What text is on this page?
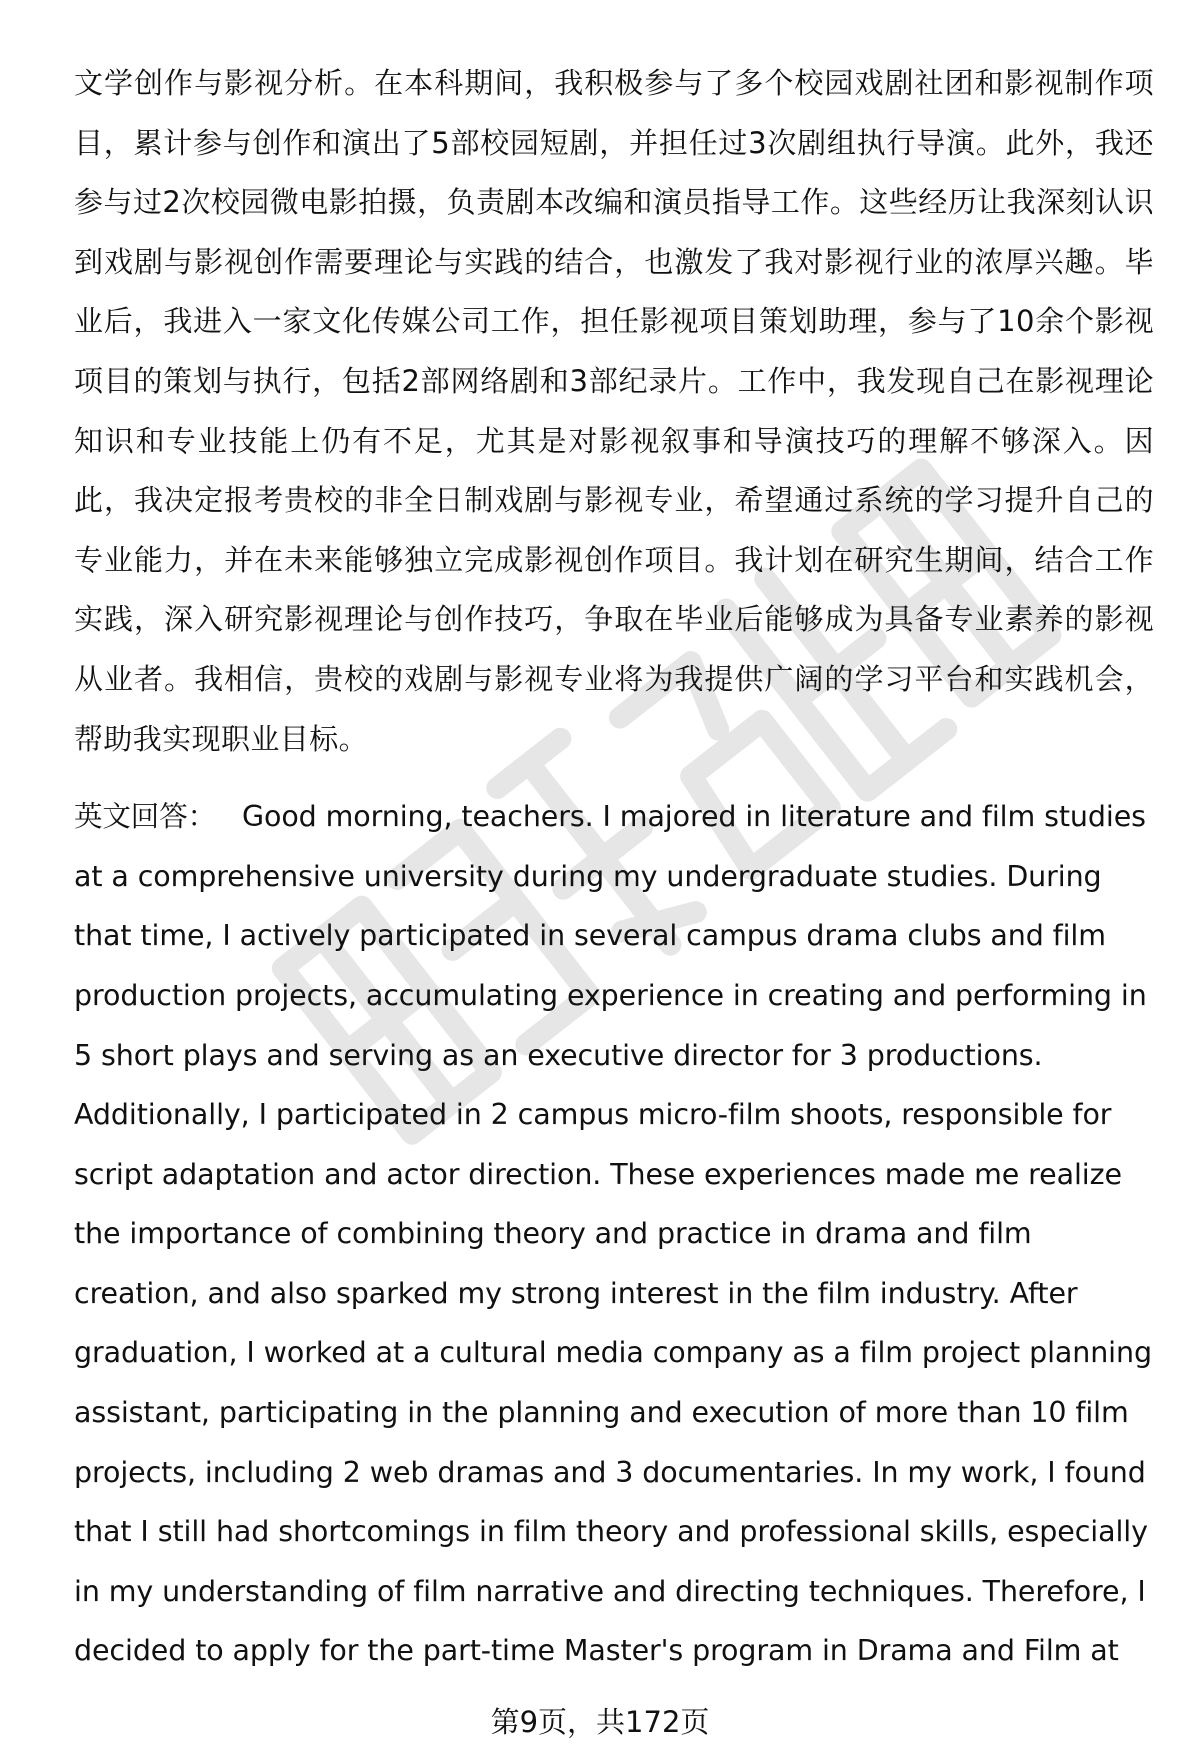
文学创作与影视分析。在本科期间，我积极参与了多个校园戏剧社团和影视制作项目，累计参与创作和演出了5部校园短剧，并担任过3次剧组执行导演。此外，我还参与过2次校园微电影拍摄，负责剧本改编和演员指导工作。这些经历让我深刻认识到戏剧与影视创作需要理论与实践的结合，也激发了我对影视行业的浓厚兴趣。毕业后，我进入一家文化传媒公司工作，担任影视项目策划助理，参与了10余个影视项目的策划与执行，包括2部网络剧和3部纪录片。工作中，我发现自己在影视理论知识和专业技能上仍有不足，尤其是对影视叙事和导演技巧的理解不够深入。因此，我决定报考贵校的非全日制戏剧与影视专业，希望通过系统的学习提升自己的专业能力，并在未来能够独立完成影视创作项目。我计划在研究生期间，结合工作实践，深入研究影视理论与创作技巧，争取在毕业后能够成为具备专业素养的影视从业者。我相信，贵校的戏剧与影视专业将为我提供广阔的学习平台和实践机会，帮助我实现职业目标。

英文回答： Good morning, teachers. I majored in literature and film studies at a comprehensive university during my undergraduate studies. During that time, I actively participated in several campus drama clubs and film production projects, accumulating experience in creating and performing in 5 short plays and serving as an executive director for 3 productions. Additionally, I participated in 2 campus micro-film shoots, responsible for script adaptation and actor direction. These experiences made me realize the importance of combining theory and practice in drama and film creation, and also sparked my strong interest in the film industry. After graduation, I worked at a cultural media company as a film project planning assistant, participating in the planning and execution of more than 10 film projects, including 2 web dramas and 3 documentaries. In my work, I found that I still had shortcomings in film theory and professional skills, especially in my understanding of film narrative and directing techniques. Therefore, I decided to apply for the part-time Master's program in Drama and Film at

第9页，共172页
